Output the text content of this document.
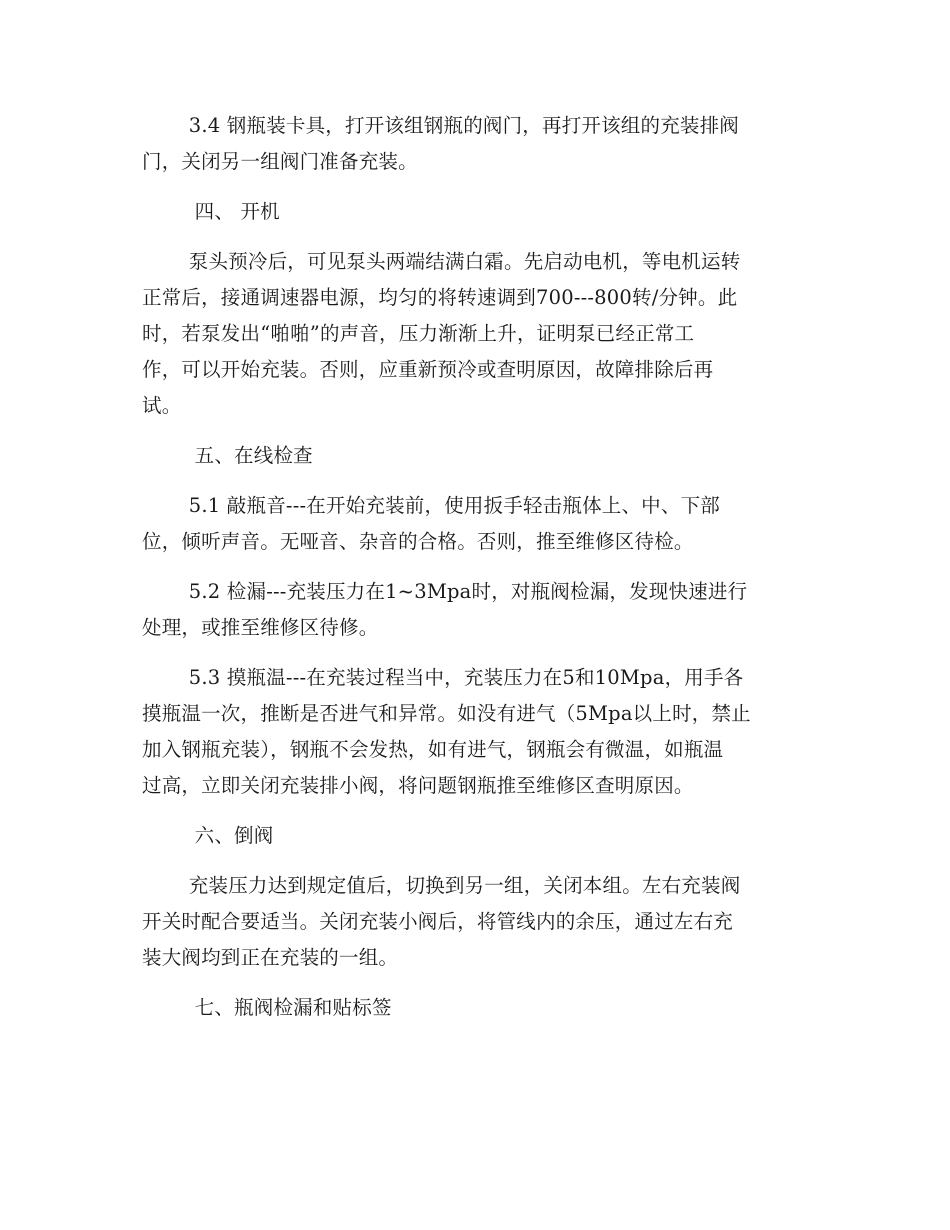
3.4 钢瓶装卡具，打开该组钢瓶的阀门，再打开该组的充装排阀
门，关闭另一组阀门准备充装。

四、 开机

泵头预冷后，可见泵头两端结满白霜。先启动电机，等电机运转
正常后，接通调速器电源，均匀的将转速调到700---800转/分钟。此
时，若泵发出“啪啪”的声音，压力渐渐上升，证明泵已经正常工
作，可以开始充装。否则，应重新预冷或查明原因，故障排除后再
试。

五、在线检查

5.1 敲瓶音---在开始充装前，使用扳手轻击瓶体上、中、下部
位，倾听声音。无哑音、杂音的合格。否则，推至维修区待检。

5.2 检漏---充装压力在1~3Mpa时，对瓶阀检漏，发现快速进行
处理，或推至维修区待修。

5.3 摸瓶温---在充装过程当中，充装压力在5和10Mpa，用手各
摸瓶温一次，推断是否进气和异常。如没有进气（5Mpa以上时，禁止
加入钢瓶充装），钢瓶不会发热，如有进气，钢瓶会有微温，如瓶温
过高，立即关闭充装排小阀，将问题钢瓶推至维修区查明原因。

六、倒阀

充装压力达到规定值后，切换到另一组，关闭本组。左右充装阀
开关时配合要适当。关闭充装小阀后，将管线内的余压，通过左右充
装大阀均到正在充装的一组。

七、瓶阀检漏和贴标签
